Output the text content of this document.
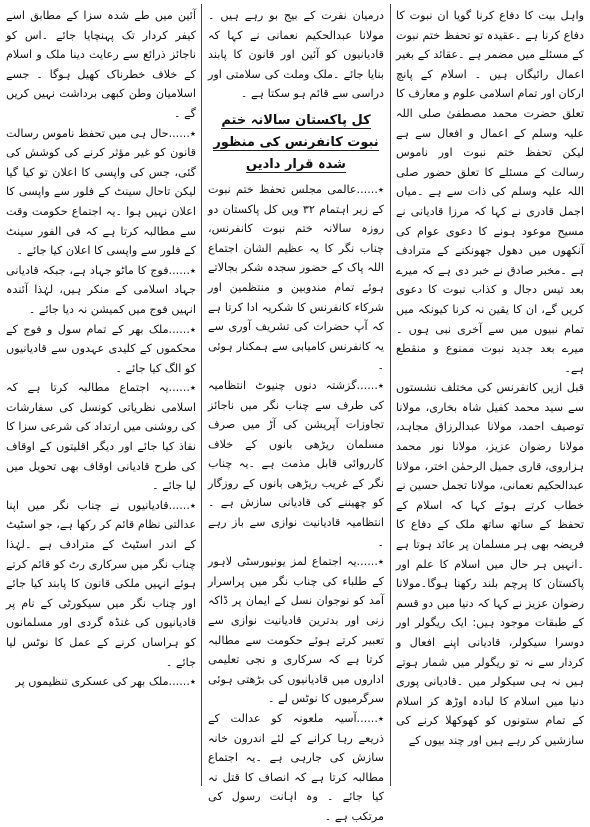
واہل بیت کا دفاع کرنا گویا ان نبوت کا دفاع کرنا ہے ۔عقیدہ تو تحفظ ختم نبوت کے مسئلے میں مضمر ہے ۔عقائد کے بغیر اعمال رائیگاں ہیں ۔ اسلام کے پانچ ارکان اور تمام اسلامی علوم و معارف کا تعلق حضرت محمد مصطفیٰ صلی اللہ علیہ وسلم کے اعمال و افعال سے ہے لیکن تحفظ ختم نبوت اور ناموس رسالت کے مسئلے کا تعلق حضور صلی اللہ علیہ وسلم کی ذات سے ہے ۔میاں اجمل قادری نے کہا کہ مرزا قادیانی نے مسیح موعود ہونے کا دعوی عوام کی آنکھوں میں دھول جھونکنے کے مترادف ہے ۔مخبر صادق نے خبر دی ہے کہ میرے بعد تیس دجال و کذاب نبوت کا دعوی کریں گے، ان کا یقین نہ کرنا کیونکہ میں تمام نبیوں میں سے آخری نبی ہوں ۔میرے بعد جدید نبوت ممنوع و منقطع ہے۔

قبل ازیں کانفرنس کی مختلف نشستوں سے سید محمد کفیل شاہ بخاری، مولانا توصیف احمد، مولانا عبدالرزاق مجاہد، مولانا رضوان عزیز، مولانا نور محمد ہزاروی، قاری جمیل الرحمٰن اختر، مولانا عبدالحکیم نعمانی، مولانا تجمل حسین نے خطاب کرتے ہوئے کہا کہ اسلام کے تحفظ کے ساتھ ساتھ ملک کے دفاع کا فریضہ بھی ہر مسلمان پر عائد ہوتا ہے ۔انہیں ہر حال میں اسلام کا علم اور پاکستان کا پرچم بلند رکھنا ہوگا۔مولانا رضوان عزیز نے کہا کہ دنیا میں دو قسم کے طبقات موجود ہیں: ایک ریگولر اور دوسرا سیکولر، قادیانی اپنے افعال و کردار سے نہ تو ریگولر میں شمار ہوتے ہیں نہ ہی سیکولر میں ۔قادیانی پوری دنیا میں اسلام کا لبادہ اوڑھ کر اسلام کے تمام ستونوں کو کھوکھلا کرنے کی سازشیں کر رہے ہیں اور چند بیوں کے

درمیان نفرت کے بیج بو رہے ہیں ۔مولانا عبدالحکیم نعمانی نے کہا کہ قادیانیوں کو آئین اور قانون کا پابند بنایا جائے ۔ملک وملت کی سلامتی اور دراسی سے قائم ہو سکتا ہے ۔

کل پاکستان سالانہ ختم نبوت کانفرنس کی منظور شدہ قرار دادیں

٭......عالمی مجلس تحفظ ختم نبوت کے زیر اہتمام ۳۲ ویں کل پاکستان دو روزہ سالانہ ختم نبوت کانفرنس، چناب نگر کا یہ عظیم الشان اجتماع اللہ پاک کے حضور سجدہ شکر بجالاتے ہوئے تمام مندوبین و منتظمین اور شرکاء کانفرنس کا شکریہ ادا کرتا ہے کہ آپ حضرات کی تشریف آوری سے یہ کانفرنس کامیابی سے ہمکنار ہوئی ۔

٭......گزشتہ دنوں چنیوٹ انتظامیہ کی طرف سے چناب نگر میں ناجائز تجاوزات آپریشن کی آڑ میں صرف مسلمان ریڑھی بانوں کے خلاف کارروائی قابل مذمت ہے ۔یہ چناب نگر کے غریب ریڑھی بانوں کے روزگار کو چھیننے کی قادیانی سازش ہے ۔انتظامیہ قادیانیت نوازی سے باز رہے ۔

٭......یہ اجتماع لمز یونیورسٹی لاہور کے طلباء کی چناب نگر میں پراسرار آمد کو نوجوان نسل کے ایمان پر ڈاکہ زنی اور بدترین قادیانیت نوازی سے تعبیر کرتے ہوئے حکومت سے مطالبہ کرتا ہے کہ سرکاری و نجی تعلیمی اداروں میں قادیانیوں کی بڑھتی ہوئی سرگرمیوں کا نوٹس لے ۔

٭......آسیہ ملعونہ کو عدالت کے ذریعے رہا کرانے کے لئے اندرون خانہ سازش کی جارہی ہے ۔یہ اجتماع مطالبہ کرتا ہے کہ انصاف کا قتل نہ کیا جائے ۔ وہ اہانت رسول کی مرتکب ہے ۔

آئین میں طے شدہ سزا کے مطابق اسے کیفر کردار تک پہنچایا جائے ۔اس کو ناجائز ذرائع سے رعایت دینا ملک و اسلام کے خلاف خطرناک کھیل ہوگا ۔ جسے اسلامیان وطن کبھی برداشت نہیں کریں گے ۔

٭......حال ہی میں تحفظ ناموس رسالت قانون کو غیر مؤثر کرنے کی کوشش کی گئی، جس کی واپسی کا اعلان تو کیا گیا لیکن تاحال سینٹ کے فلور سے واپسی کا اعلان نہیں ہوا ۔یہ اجتماع حکومت وقت سے مطالبہ کرتا ہے کہ فی الفور سینٹ کے فلور سے واپسی کا اعلان کیا جائے ۔

٭......فوج کا ماٹو جہاد ہے، جبکہ قادیانی جہاد اسلامی کے منکر ہیں، لہٰذا آئندہ انہیں فوج میں کمیشن نہ دیا جائے ۔

٭......ملک بھر کے تمام سول و فوج کے محکموں کے کلیدی عہدوں سے قادیانیوں کو الگ کیا جائے ۔

٭......یہ اجتماع مطالبہ کرتا ہے کہ اسلامی نظریاتی کونسل کی سفارشات کی روشنی میں ارتداد کی شرعی سزا کا نفاذ کیا جائے اور دیگر اقلیتوں کے اوقاف کی طرح قادیانی اوقاف بھی تحویل میں لیا جائے ۔

٭......قادیانیوں نے چناب نگر میں اپنا عدالتی نظام قائم کر رکھا ہے، جو اسٹیٹ کے اندر اسٹیٹ کے مترادف ہے ۔لہٰذا چناب نگر میں سرکاری رٹ کو قائم کرتے ہوئے انہیں ملکی قانون کا پابند کیا جائے اور چناب نگر میں سیکورٹی کے نام پر قادیانیوں کی غنڈہ گردی اور مسلمانوں کو ہراساں کرنے کے عمل کا نوٹس لیا جائے ۔

٭......ملک بھر کی عسکری تنظیموں پر
